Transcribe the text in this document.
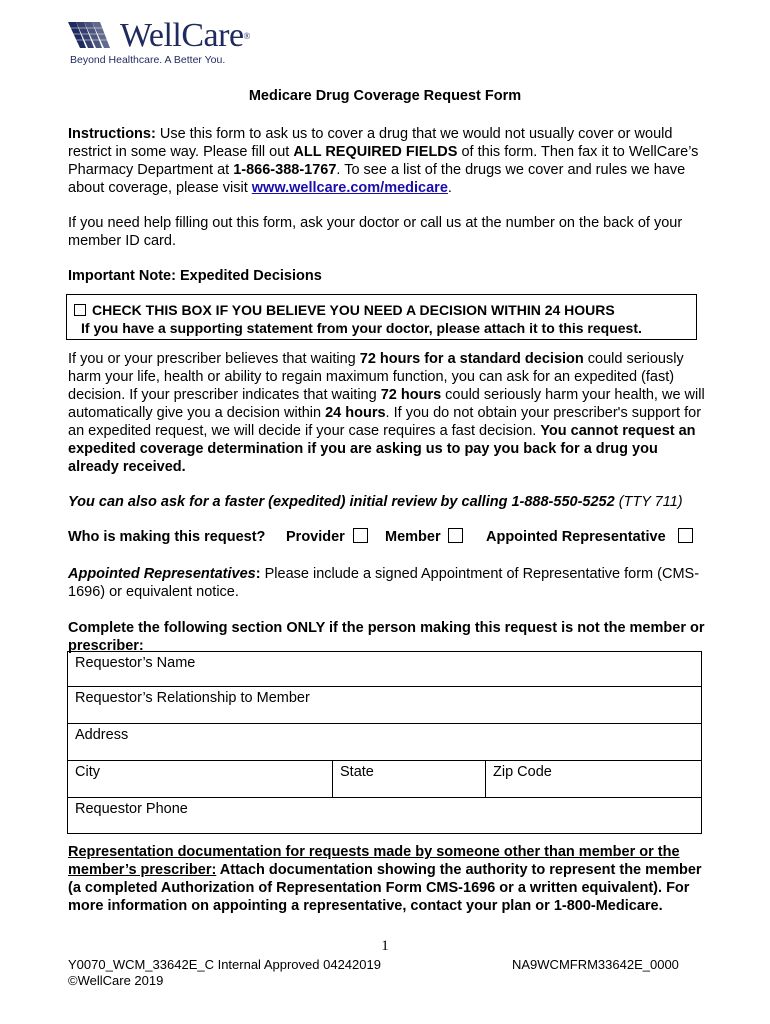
WellCare®
Beyond Healthcare. A Better You.
Medicare Drug Coverage Request Form
Instructions: Use this form to ask us to cover a drug that we would not usually cover or would restrict in some way. Please fill out ALL REQUIRED FIELDS of this form. Then fax it to WellCare’s Pharmacy Department at 1-866-388-1767. To see a list of the drugs we cover and rules we have about coverage, please visit www.wellcare.com/medicare.
If you need help filling out this form, ask your doctor or call us at the number on the back of your member ID card.
Important Note: Expedited Decisions
CHECK THIS BOX IF YOU BELIEVE YOU NEED A DECISION WITHIN 24 HOURS
If you have a supporting statement from your doctor, please attach it to this request.
If you or your prescriber believes that waiting 72 hours for a standard decision could seriously harm your life, health or ability to regain maximum function, you can ask for an expedited (fast) decision. If your prescriber indicates that waiting 72 hours could seriously harm your health, we will automatically give you a decision within 24 hours. If you do not obtain your prescriber's support for an expedited request, we will decide if your case requires a fast decision. You cannot request an expedited coverage determination if you are asking us to pay you back for a drug you already received.
You can also ask for a faster (expedited) initial review by calling 1-888-550-5252 (TTY 711)
Who is making this request? Provider	Member	Appointed Representative
Appointed Representatives: Please include a signed Appointment of Representative form (CMS-1696) or equivalent notice.
Complete the following section ONLY if the person making this request is not the member or prescriber:
Requestor’s Name
Requestor’s Relationship to Member
Address
City	State	Zip Code
Requestor Phone
Representation documentation for requests made by someone other than member or the member’s prescriber: Attach documentation showing the authority to represent the member (a completed Authorization of Representation Form CMS-1696 or a written equivalent). For more information on appointing a representative, contact your plan or 1-800-Medicare.
1
Y0070_WCM_33642E_C Internal Approved 04242019
©WellCare 2019
NA9WCMFRM33642E_0000
